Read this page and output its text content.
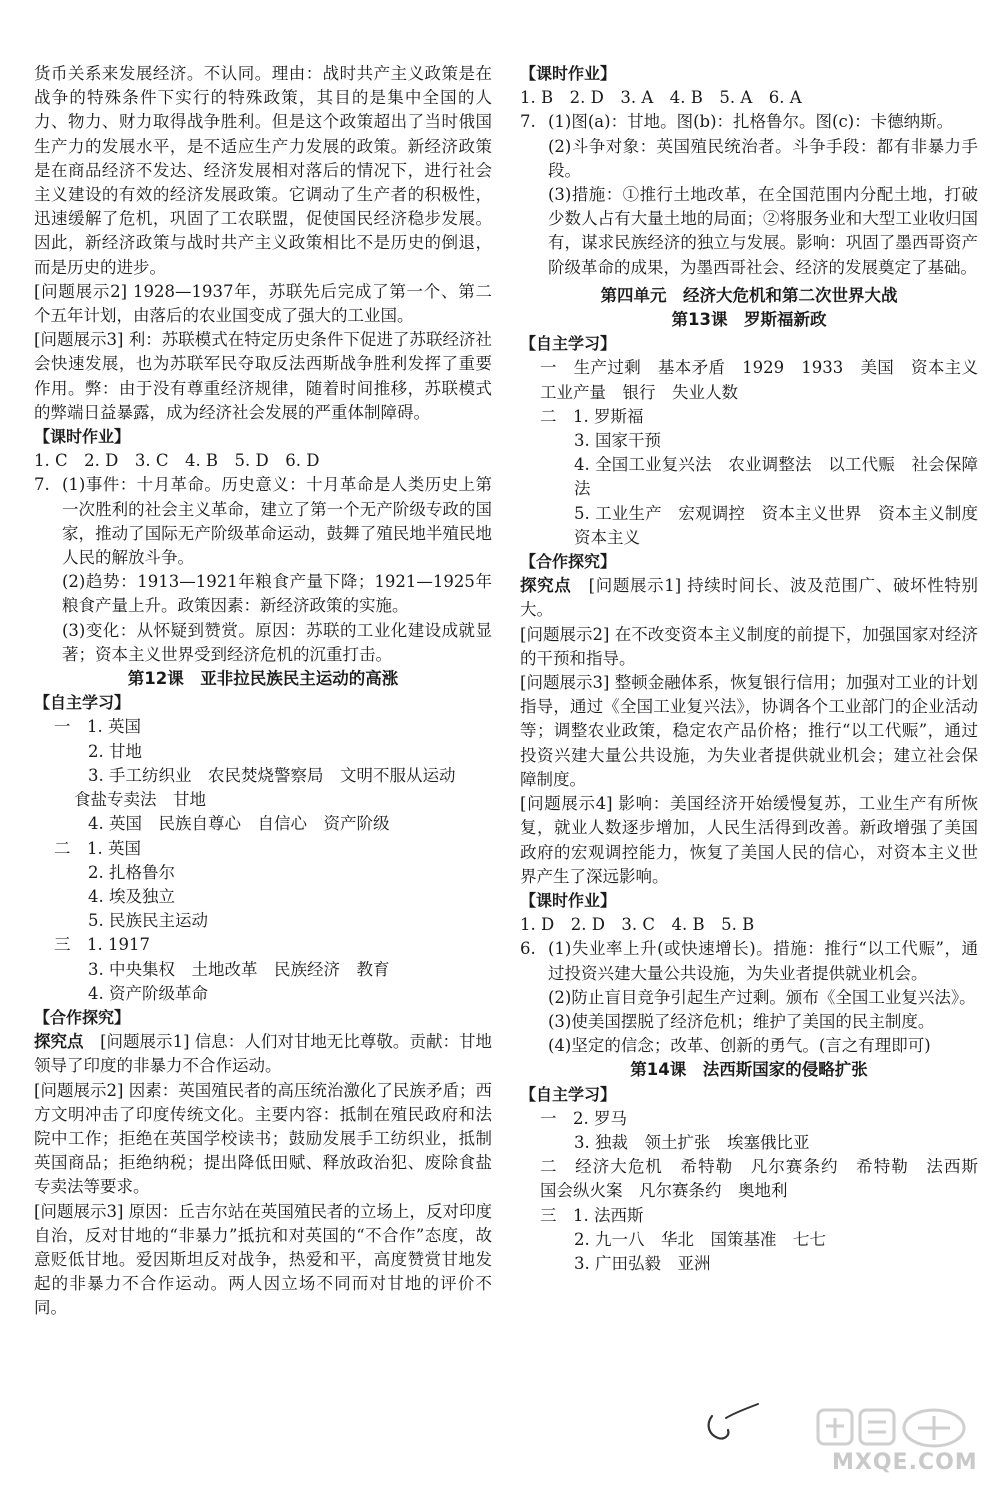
货币关系来发展经济。不认同。理由：战时共产主义政策是在战争的特殊条件下实行的特殊政策，其目的是集中全国的人力、物力、财力取得战争胜利。但是这个政策超出了当时俄国生产力的发展水平，是不适应生产力发展的政策。新经济政策是在商品经济不发达、经济发展相对落后的情况下，进行社会主义建设的有效的经济发展政策。它调动了生产者的积极性，迅速缓解了危机，巩固了工农联盟，促使国民经济稳步发展。因此，新经济政策与战时共产主义政策相比不是历史的倒退，而是历史的进步。

[问题展示2] 1928—1937年，苏联先后完成了第一个、第二个五年计划，由落后的农业国变成了强大的工业国。

[问题展示3] 利：苏联模式在特定历史条件下促进了苏联经济社会快速发展，也为苏联军民夺取反法西斯战争胜利发挥了重要作用。弊：由于没有尊重经济规律，随着时间推移，苏联模式的弊端日益暴露，成为经济社会发展的严重体制障碍。

【课时作业】

1. C　2. D　3. C　4. B　5. D　6. D

7. (1)事件：十月革命。历史意义：十月革命是人类历史上第一次胜利的社会主义革命，建立了第一个无产阶级专政的国家，推动了国际无产阶级革命运动，鼓舞了殖民地半殖民地人民的解放斗争。

(2)趋势：1913—1921年粮食产量下降；1921—1925年粮食产量上升。政策因素：新经济政策的实施。

(3)变化：从怀疑到赞赏。原因：苏联的工业化建设成就显著；资本主义世界受到经济危机的沉重打击。

第12课　亚非拉民族民主运动的高涨

【自主学习】

一　1. 英国

2. 甘地

3. 手工纺织业　农民焚烧警察局　文明不服从运动

食盐专卖法　甘地

4. 英国　民族自尊心　自信心　资产阶级

二　1. 英国

2. 扎格鲁尔

4. 埃及独立

5. 民族民主运动

三　1. 1917

3. 中央集权　土地改革　民族经济　教育

4. 资产阶级革命

【合作探究】

探究点　 [问题展示1] 信息：人们对甘地无比尊敬。贡献：甘地领导了印度的非暴力不合作运动。

[问题展示2] 因素：英国殖民者的高压统治激化了民族矛盾；西方文明冲击了印度传统文化。主要内容：抵制在殖民政府和法院中工作；拒绝在英国学校读书；鼓励发展手工纺织业，抵制英国商品；拒绝纳税；提出降低田赋、释放政治犯、废除食盐专卖法等要求。

[问题展示3] 原因：丘吉尔站在英国殖民者的立场上，反对印度自治，反对甘地的“非暴力”抵抗和对英国的“不合作”态度，故意贬低甘地。爱因斯坦反对战争，热爱和平，高度赞赏甘地发起的非暴力不合作运动。两人因立场不同而对甘地的评价不同。

【课时作业】

1. B　2. D　3. A　4. B　5. A　6. A

7. (1)图(a)：甘地。图(b)：扎格鲁尔。图(c)：卡德纳斯。

(2)斗争对象：英国殖民统治者。斗争手段：都有非暴力手段。

(3)措施：①推行土地改革，在全国范围内分配土地，打破少数人占有大量土地的局面；②将服务业和大型工业收归国有，谋求民族经济的独立与发展。影响：巩固了墨西哥资产阶级革命的成果，为墨西哥社会、经济的发展奠定了基础。

第四单元　经济大危机和第二次世界大战

第13课　罗斯福新政

【自主学习】

一　生产过剩　基本矛盾　1929　1933　美国　资本主义　工业产量　银行　失业人数

二　1. 罗斯福

3. 国家干预

4. 全国工业复兴法　农业调整法　以工代赈　社会保障法

5. 工业生产　宏观调控　资本主义世界　资本主义制度　资本主义

【合作探究】

探究点　 [问题展示1] 持续时间长、波及范围广、破坏性特别大。

[问题展示2] 在不改变资本主义制度的前提下，加强国家对经济的干预和指导。

[问题展示3] 整顿金融体系，恢复银行信用；加强对工业的计划指导，通过《全国工业复兴法》，协调各个工业部门的企业活动等；调整农业政策，稳定农产品价格；推行“以工代赈”，通过投资兴建大量公共设施，为失业者提供就业机会；建立社会保障制度。

[问题展示4] 影响：美国经济开始缓慢复苏，工业生产有所恢复，就业人数逐步增加，人民生活得到改善。新政增强了美国政府的宏观调控能力，恢复了美国人民的信心，对资本主义世界产生了深远影响。

【课时作业】

1. D　2. D　3. C　4. B　5. B

6. (1)失业率上升(或快速增长)。措施：推行“以工代赈”，通过投资兴建大量公共设施，为失业者提供就业机会。

(2)防止盲目竞争引起生产过剩。颁布《全国工业复兴法》。

(3)使美国摆脱了经济危机；维护了美国的民主制度。

(4)坚定的信念；改革、创新的勇气。(言之有理即可)

第14课　法西斯国家的侵略扩张

【自主学习】

一　2. 罗马

3. 独裁　领土扩张　埃塞俄比亚

二　经济大危机　希特勒　凡尔赛条约　希特勒　法西斯　国会纵火案　凡尔赛条约　奥地利

三　1. 法西斯

2. 九一八　华北　国策基准　七七

3. 广田弘毅　亚洲

MXQE.COM
